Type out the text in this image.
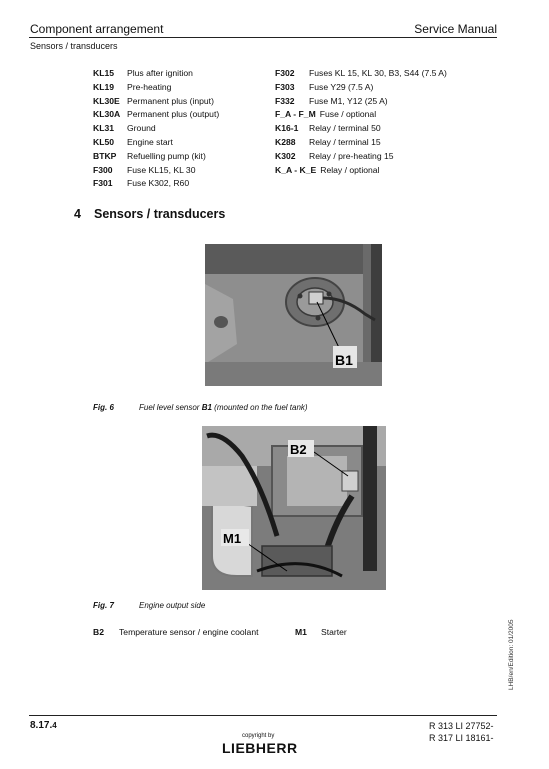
Component arrangement	Service Manual
Sensors / transducers
KL15	Plus after ignition
KL19	Pre-heating
KL30E Permanent plus (input)
KL30A Permanent plus (output)
KL31	Ground
KL50	Engine start
BTKP	Refuelling pump (kit)
F300	Fuse KL15, KL 30
F301	Fuse K302, R60
F302	Fuses KL 15, KL 30, B3, S44 (7.5 A)
F303	Fuse Y29 (7.5 A)
F332	Fuse M1, Y12 (25 A)
F_A - F_M Fuse / optional
K16-1	Relay / terminal 50
K288	Relay / terminal 15
K302	Relay / pre-heating 15
K_A - K_E Relay / optional
4 Sensors / transducers
B1
Fig. 6	Fuel level sensor B1 (mounted on the fuel tank)
B2
M1
Fig. 7	Engine output side
B2 Temperature sensor / engine coolant	M1 Starter	LHB/en/Edition: 01/2005
8.17.4	R 313 LI 27752-
R 317 LI 18161-
copyright by
LIEBHERR
